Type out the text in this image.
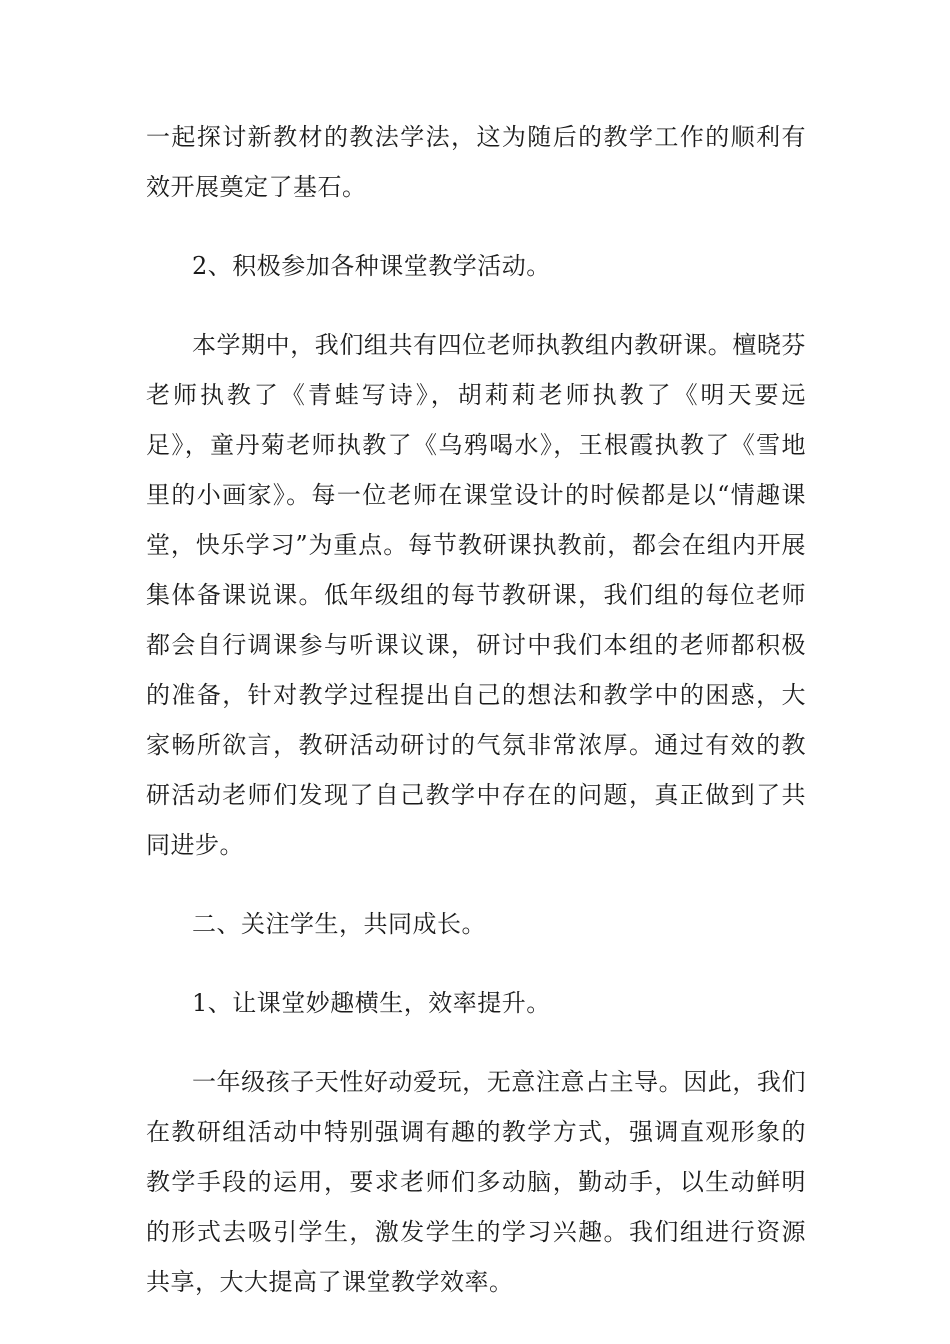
一起探讨新教材的教法学法，这为随后的教学工作的顺利有效开展奠定了基石。

2、积极参加各种课堂教学活动。

本学期中，我们组共有四位老师执教组内教研课。檀晓芬老师执教了《青蛙写诗》，胡莉莉老师执教了《明天要远足》，童丹菊老师执教了《乌鸦喝水》，王根霞执教了《雪地里的小画家》。每一位老师在课堂设计的时候都是以“情趣课堂，快乐学习”为重点。每节教研课执教前，都会在组内开展集体备课说课。低年级组的每节教研课，我们组的每位老师都会自行调课参与听课议课，研讨中我们本组的老师都积极的准备，针对教学过程提出自己的想法和教学中的困惑，大家畅所欲言，教研活动研讨的气氛非常浓厚。通过有效的教研活动老师们发现了自己教学中存在的问题，真正做到了共同进步。

二、关注学生，共同成长。

1、让课堂妙趣横生，效率提升。

一年级孩子天性好动爱玩，无意注意占主导。因此，我们在教研组活动中特别强调有趣的教学方式，强调直观形象的教学手段的运用，要求老师们多动脑，勤动手，以生动鲜明的形式去吸引学生，激发学生的学习兴趣。我们组进行资源共享，大大提高了课堂教学效率。
